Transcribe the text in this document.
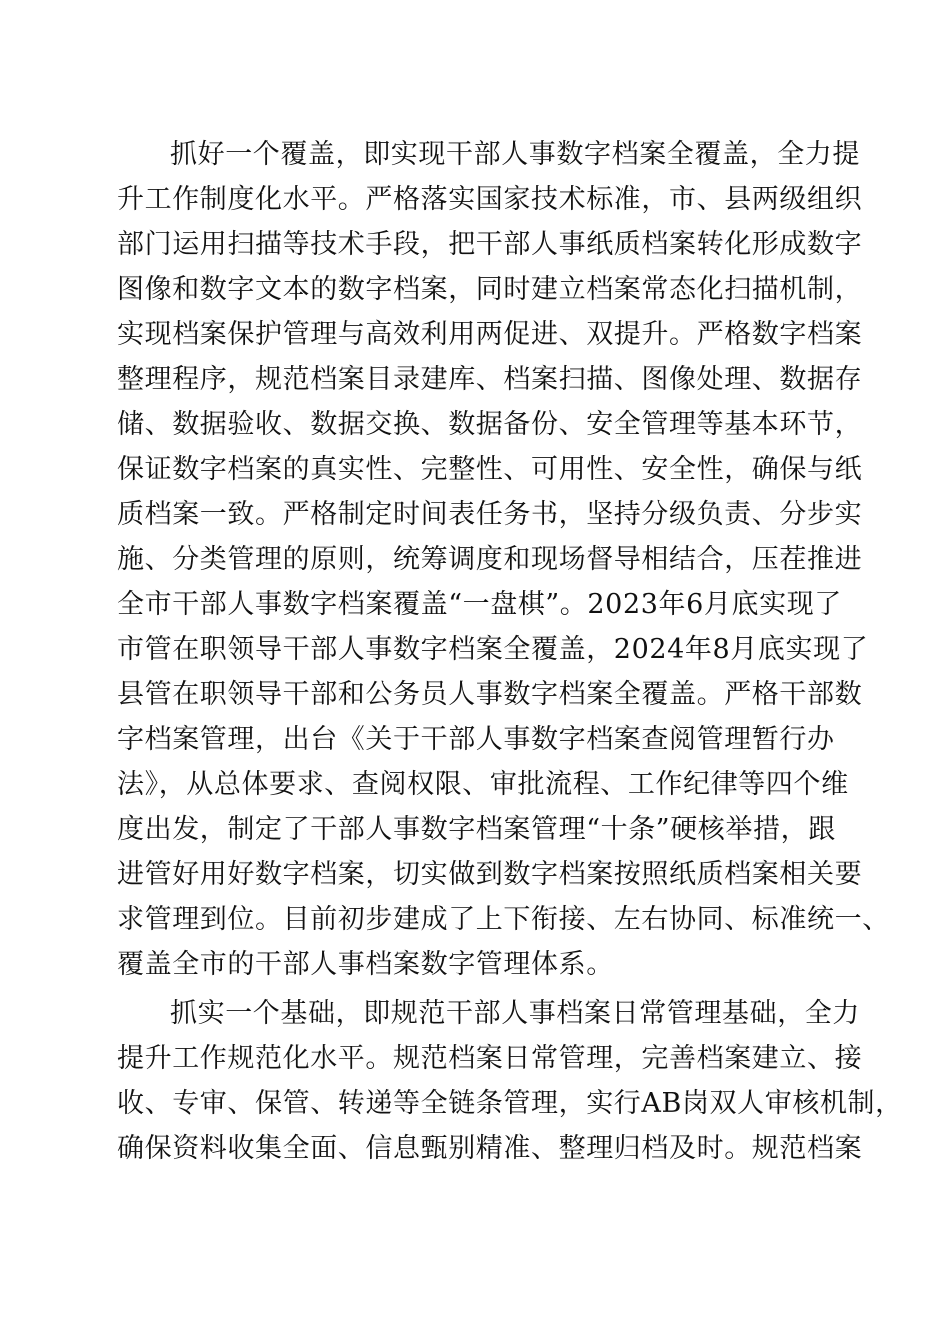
抓好一个覆盖，即实现干部人事数字档案全覆盖，全力提
升工作制度化水平。严格落实国家技术标准，市、县两级组织
部门运用扫描等技术手段，把干部人事纸质档案转化形成数字
图像和数字文本的数字档案，同时建立档案常态化扫描机制，
实现档案保护管理与高效利用两促进、双提升。严格数字档案
整理程序，规范档案目录建库、档案扫描、图像处理、数据存
储、数据验收、数据交换、数据备份、安全管理等基本环节，
保证数字档案的真实性、完整性、可用性、安全性，确保与纸
质档案一致。严格制定时间表任务书，坚持分级负责、分步实
施、分类管理的原则，统筹调度和现场督导相结合，压茬推进
全市干部人事数字档案覆盖“一盘棋”。2023年6月底实现了
市管在职领导干部人事数字档案全覆盖，2024年8月底实现了
县管在职领导干部和公务员人事数字档案全覆盖。严格干部数
字档案管理，出台《关于干部人事数字档案查阅管理暂行办
法》，从总体要求、查阅权限、审批流程、工作纪律等四个维
度出发，制定了干部人事数字档案管理“十条”硬核举措，跟
进管好用好数字档案，切实做到数字档案按照纸质档案相关要
求管理到位。目前初步建成了上下衔接、左右协同、标准统一、
覆盖全市的干部人事档案数字管理体系。
抓实一个基础，即规范干部人事档案日常管理基础，全力
提升工作规范化水平。规范档案日常管理，完善档案建立、接
收、专审、保管、转递等全链条管理，实行AB岗双人审核机制，
确保资料收集全面、信息甄别精准、整理归档及时。规范档案
